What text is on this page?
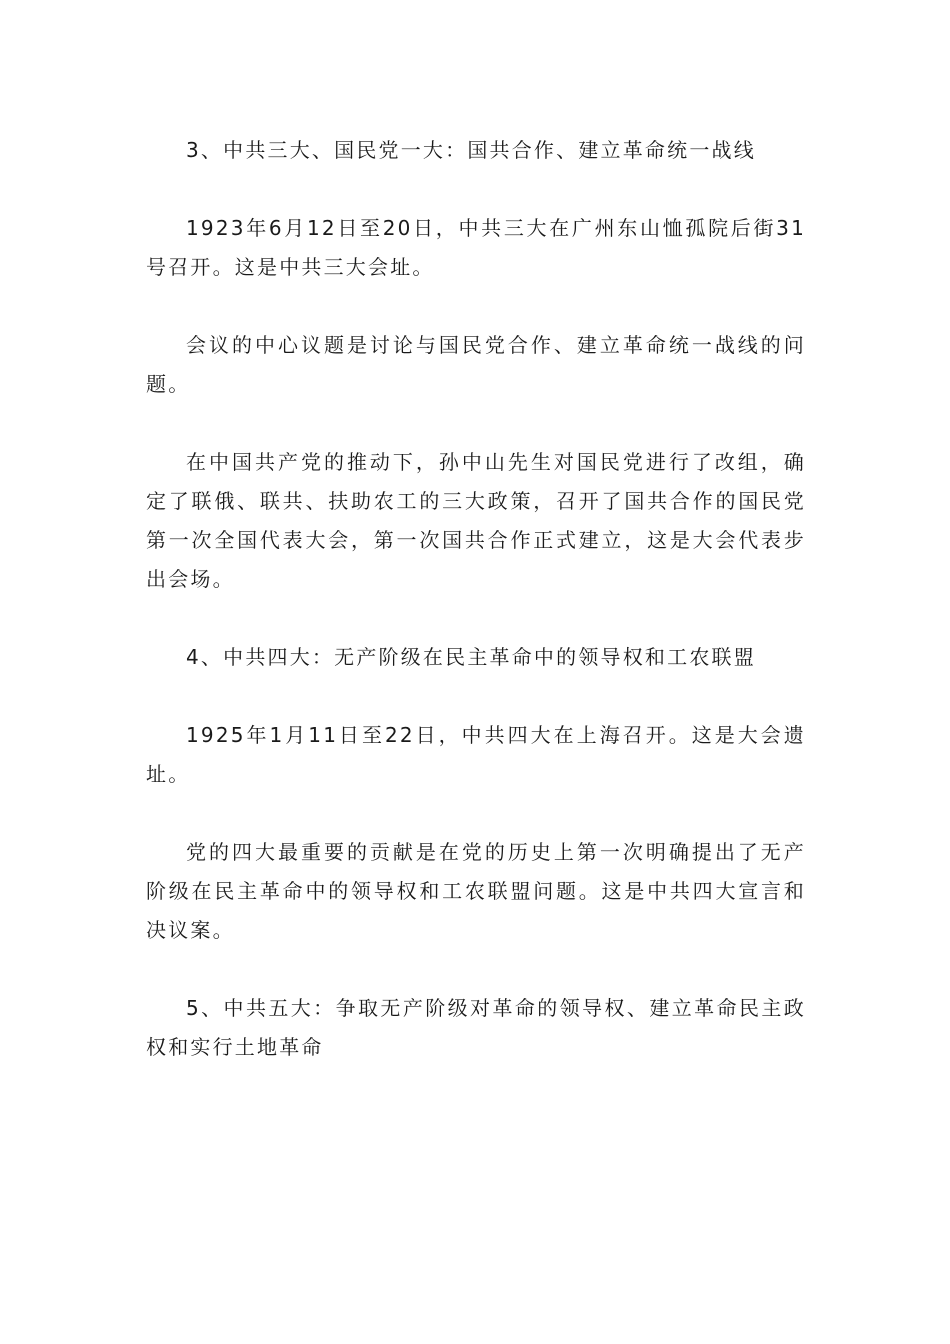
3、中共三大、国民党一大：国共合作、建立革命统一战线

1923年6月12日至20日，中共三大在广州东山恤孤院后街31号召开。这是中共三大会址。

会议的中心议题是讨论与国民党合作、建立革命统一战线的问题。

在中国共产党的推动下，孙中山先生对国民党进行了改组，确定了联俄、联共、扶助农工的三大政策，召开了国共合作的国民党第一次全国代表大会，第一次国共合作正式建立，这是大会代表步出会场。

4、中共四大：无产阶级在民主革命中的领导权和工农联盟

1925年1月11日至22日，中共四大在上海召开。这是大会遗址。

党的四大最重要的贡献是在党的历史上第一次明确提出了无产阶级在民主革命中的领导权和工农联盟问题。这是中共四大宣言和决议案。

5、中共五大：争取无产阶级对革命的领导权、建立革命民主政权和实行土地革命
